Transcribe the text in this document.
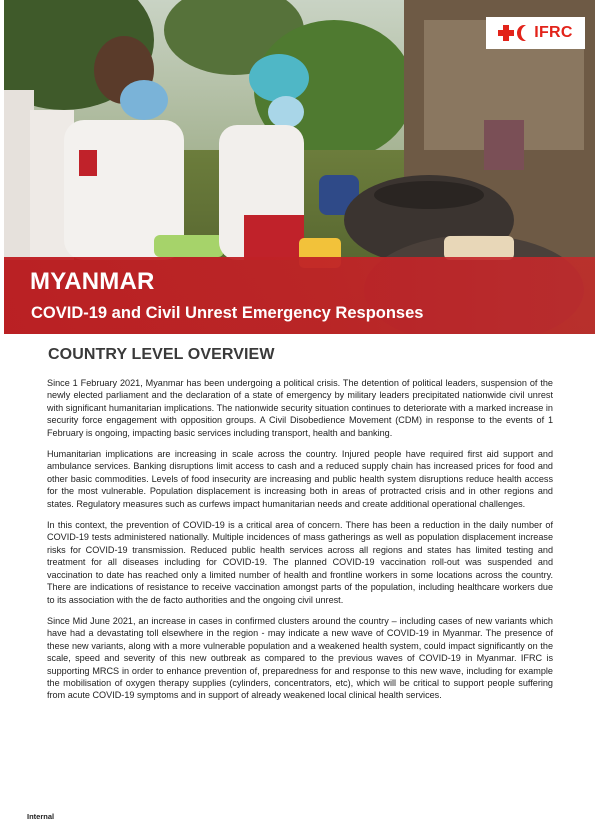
IFRC
MYANMAR
COVID-19 and Civil Unrest Emergency Responses
COUNTRY LEVEL OVERVIEW

Since 1 February 2021, Myanmar has been undergoing a political crisis. The detention of political leaders, suspension of the newly elected parliament and the declaration of a state of emergency by military leaders precipitated nationwide civil unrest with significant humanitarian implications. The nationwide security situation continues to deteriorate with a marked increase in security force engagement with opposition groups. A Civil Disobedience Movement (CDM) in response to the events of 1 February is ongoing, impacting basic services including transport, health and banking.

Humanitarian implications are increasing in scale across the country. Injured people have required first aid support and ambulance services. Banking disruptions limit access to cash and a reduced supply chain has increased prices for food and other basic commodities. Levels of food insecurity are increasing and public health system disruptions reduce health access for the most vulnerable. Population displacement is increasing both in areas of protracted crisis and in other regions and states. Regulatory measures such as curfews impact humanitarian needs and create additional operational challenges.

In this context, the prevention of COVID-19 is a critical area of concern. There has been a reduction in the daily number of COVID-19 tests administered nationally. Multiple incidences of mass gatherings as well as population displacement increase risks for COVID-19 transmission. Reduced public health services across all regions and states has limited testing and treatment for all diseases including for COVID-19. The planned COVID-19 vaccination roll-out was suspended and vaccination to date has reached only a limited number of health and frontline workers in some locations across the country. There are indications of resistance to receive vaccination amongst parts of the population, including healthcare workers due to its association with the de facto authorities and the ongoing civil unrest.

Since Mid June 2021, an increase in cases in confirmed clusters around the country – including cases of new variants which have had a devastating toll elsewhere in the region - may indicate a new wave of COVID-19 in Myanmar. The presence of these new variants, along with a more vulnerable population and a weakened health system, could impact significantly on the scale, speed and severity of this new outbreak as compared to the previous waves of COVID-19 in Myanmar. IFRC is supporting MRCS in order to enhance prevention of, preparedness for and response to this new wave, including for example the mobilisation of oxygen therapy supplies (cylinders, concentrators, etc), which will be critical to support people suffering from acute COVID-19 symptoms and in support of already weakened local clinical health services.

Internal
